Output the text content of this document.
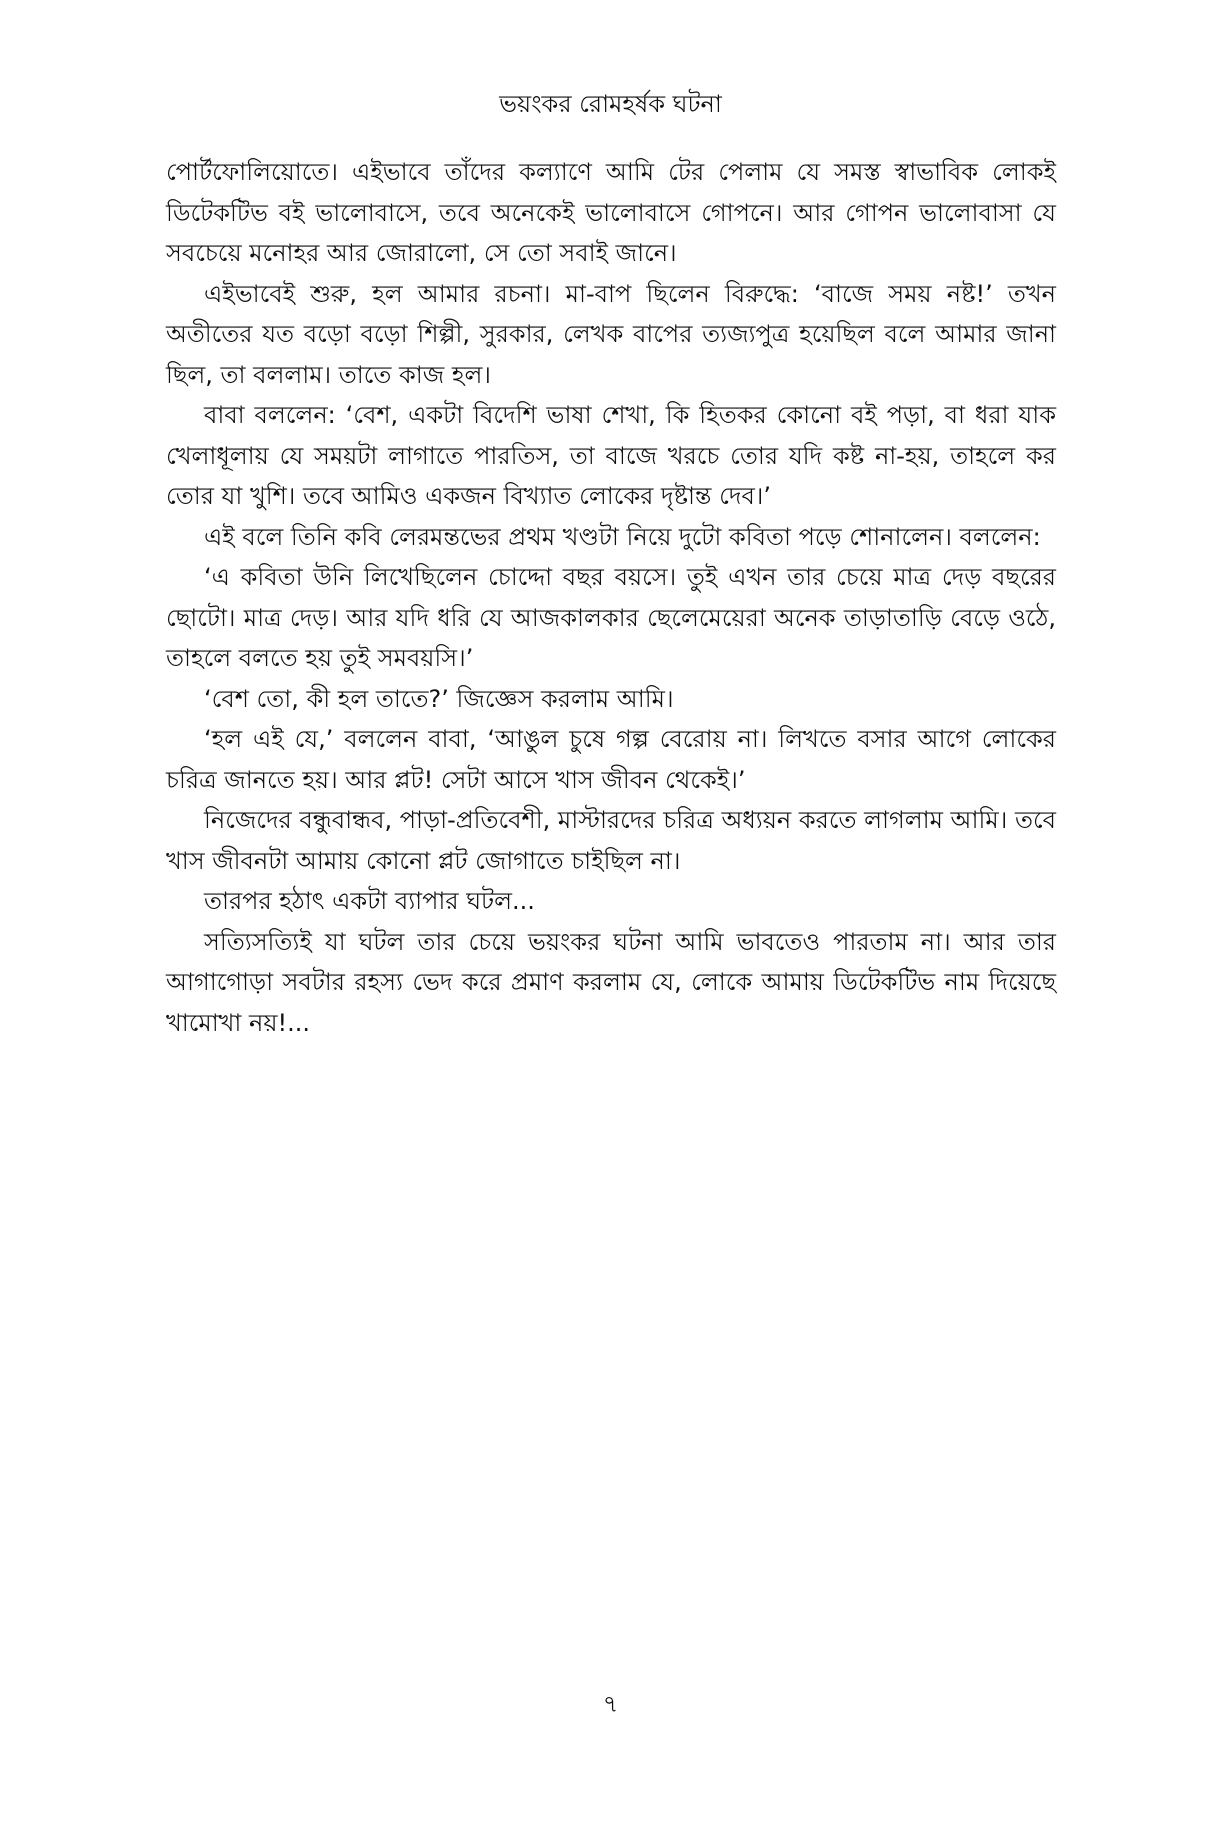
ভয়ংকর রোমহর্ষক ঘটনা

পোর্টফোলিয়োতে। এইভাবে তাঁদের কল্যাণে আমি টের পেলাম যে সমস্ত স্বাভাবিক লোকই ডিটেকটিভ বই ভালোবাসে, তবে অনেকেই ভালোবাসে গোপনে। আর গোপন ভালোবাসা যে সবচেয়ে মনোহর আর জোরালো, সে তো সবাই জানে।

এইভাবেই শুরু, হল আমার রচনা। মা-বাপ ছিলেন বিরুদ্ধে: ‘বাজে সময় নষ্ট!’ তখন অতীতের যত বড়ো বড়ো শিল্পী, সুরকার, লেখক বাপের ত্যজ্যপুত্র হয়েছিল বলে আমার জানা ছিল, তা বললাম। তাতে কাজ হল।

বাবা বললেন: ‘বেশ, একটা বিদেশি ভাষা শেখা, কি হিতকর কোনো বই পড়া, বা ধরা যাক খেলাধূলায় যে সময়টা লাগাতে পারতিস, তা বাজে খরচে তোর যদি কষ্ট না-হয়, তাহলে কর তোর যা খুশি। তবে আমিও একজন বিখ্যাত লোকের দৃষ্টান্ত দেব।’

এই বলে তিনি কবি লেরমন্তভের প্রথম খণ্ডটা নিয়ে দুটো কবিতা পড়ে শোনালেন। বললেন:

‘এ কবিতা উনি লিখেছিলেন চোদ্দো বছর বয়সে। তুই এখন তার চেয়ে মাত্র দেড় বছরের ছোটো। মাত্র দেড়। আর যদি ধরি যে আজকালকার ছেলেমেয়েরা অনেক তাড়াতাড়ি বেড়ে ওঠে, তাহলে বলতে হয় তুই সমবয়সি।’

‘বেশ তো, কী হল তাতে?’ জিজ্ঞেস করলাম আমি।

‘হল এই যে,’ বললেন বাবা, ‘আঙুল চুষে গল্প বেরোয় না। লিখতে বসার আগে লোকের চরিত্র জানতে হয়। আর প্লট! সেটা আসে খাস জীবন থেকেই।’

নিজেদের বন্ধুবান্ধব, পাড়া-প্রতিবেশী, মাস্টারদের চরিত্র অধ্যয়ন করতে লাগলাম আমি। তবে খাস জীবনটা আমায় কোনো প্লট জোগাতে চাইছিল না।

তারপর হঠাৎ একটা ব্যাপার ঘটল...

সত্যিসত্যিই যা ঘটল তার চেয়ে ভয়ংকর ঘটনা আমি ভাবতেও পারতাম না। আর তার আগাগোড়া সবটার রহস্য ভেদ করে প্রমাণ করলাম যে, লোকে আমায় ডিটেকটিভ নাম দিয়েছে খামোখা নয়!...

৭
